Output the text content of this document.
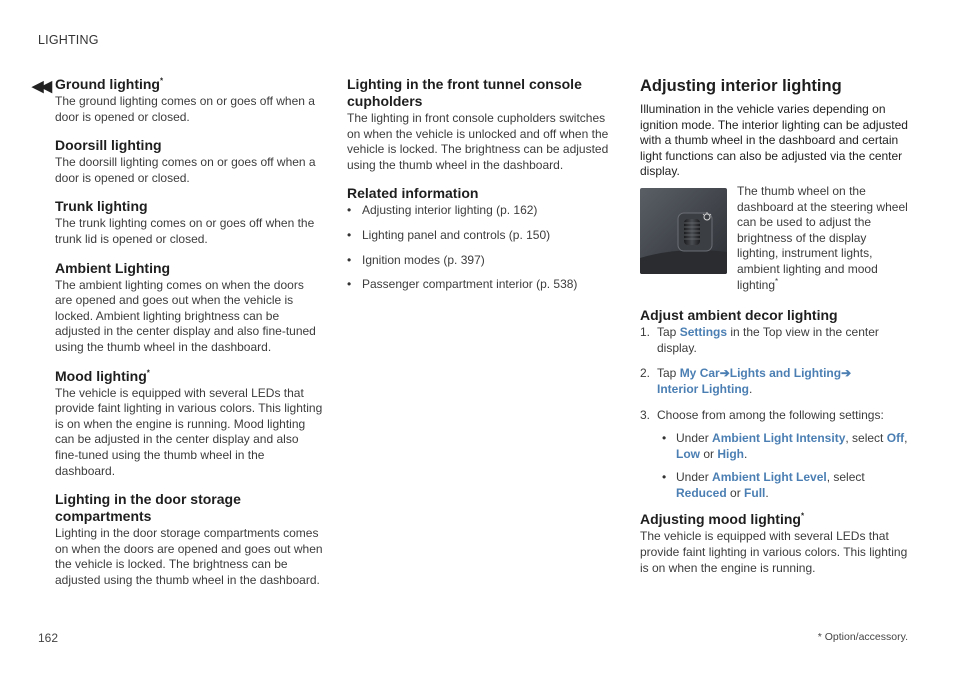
LIGHTING
◀◀ Ground lighting*

The ground lighting comes on or goes off when a door is opened or closed.

Doorsill lighting

The doorsill lighting comes on or goes off when a door is opened or closed.

Trunk lighting

The trunk lighting comes on or goes off when the trunk lid is opened or closed.

Ambient Lighting

The ambient lighting comes on when the doors are opened and goes out when the vehicle is locked. Ambient lighting brightness can be adjusted in the center display and also fine-tuned using the thumb wheel in the dashboard.

Mood lighting*

The vehicle is equipped with several LEDs that provide faint lighting in various colors. This lighting is on when the engine is running. Mood lighting can be adjusted in the center display and also fine-tuned using the thumb wheel in the dashboard.

Lighting in the door storage compartments

Lighting in the door storage compartments comes on when the doors are opened and goes out when the vehicle is locked. The brightness can be adjusted using the thumb wheel in the dashboard.

Lighting in the front tunnel console cupholders

The lighting in front console cupholders switches on when the vehicle is unlocked and off when the vehicle is locked. The brightness can be adjusted using the thumb wheel in the dashboard.

Related information
• Adjusting interior lighting (p. 162)
• Lighting panel and controls (p. 150)
• Ignition modes (p. 397)
• Passenger compartment interior (p. 538)
Adjusting interior lighting

Illumination in the vehicle varies depending on ignition mode. The interior lighting can be adjusted with a thumb wheel in the dashboard and certain light functions can also be adjusted via the center display.

The thumb wheel on the dashboard at the steering wheel can be used to adjust the brightness of the display lighting, instrument lights, ambient lighting and mood lighting*

Adjust ambient decor lighting
1. Tap Settings in the Top view in the center display.
2. Tap My Car➔Lights and Lighting➔
Interior Lighting.
3. Choose from among the following settings:
• Under Ambient Light Intensity, select Off, Low or High.
• Under Ambient Light Level, select Reduced or Full.
Adjusting mood lighting*

The vehicle is equipped with several LEDs that provide faint lighting in various colors. This lighting is on when the engine is running.

162	* Option/accessory.
